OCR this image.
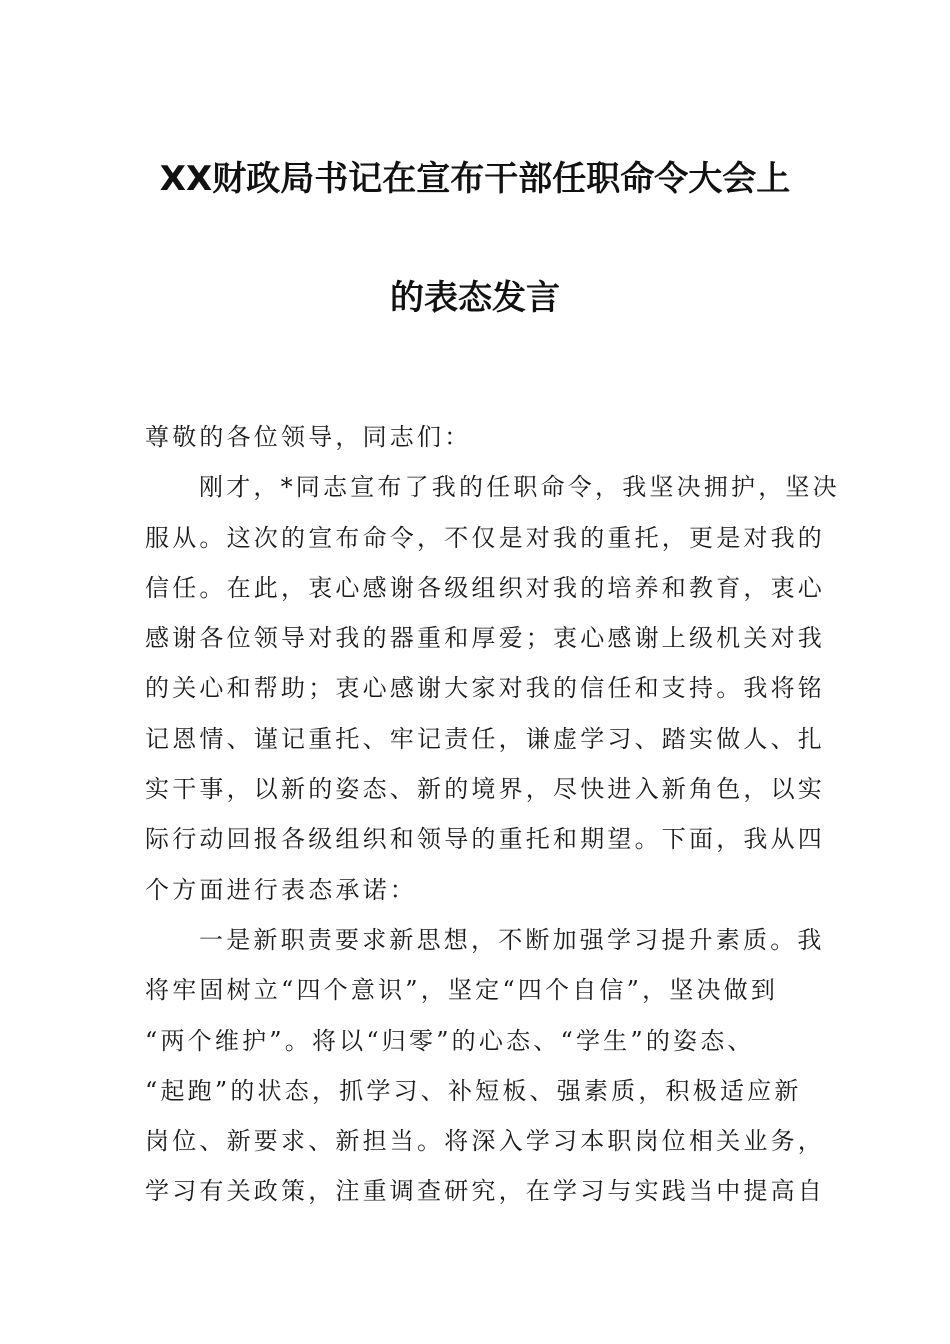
XX财政局书记在宣布干部任职命令大会上
的表态发言
尊敬的各位领导，同志们：
刚才，*同志宣布了我的任职命令，我坚决拥护，坚决
服从。这次的宣布命令，不仅是对我的重托，更是对我的
信任。在此，衷心感谢各级组织对我的培养和教育，衷心
感谢各位领导对我的器重和厚爱；衷心感谢上级机关对我
的关心和帮助；衷心感谢大家对我的信任和支持。我将铭
记恩情、谨记重托、牢记责任，谦虚学习、踏实做人、扎
实干事，以新的姿态、新的境界，尽快进入新角色，以实
际行动回报各级组织和领导的重托和期望。下面，我从四
个方面进行表态承诺：
一是新职责要求新思想，不断加强学习提升素质。我
将牢固树立“四个意识”，坚定“四个自信”，坚决做到
“两个维护”。将以“归零”的心态、“学生”的姿态、
“起跑”的状态，抓学习、补短板、强素质，积极适应新
岗位、新要求、新担当。将深入学习本职岗位相关业务，
学习有关政策，注重调查研究，在学习与实践当中提高自
